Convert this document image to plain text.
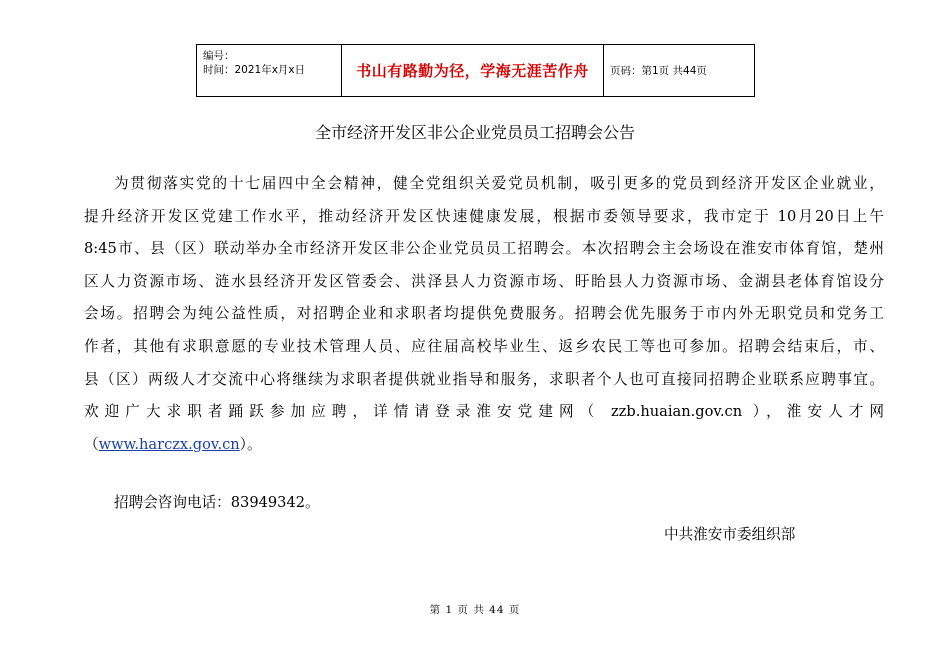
编号：
时间：2021年x月x日	书山有路勤为径，学海无涯苦作舟	页码：第1页 共44页
全市经济开发区非公企业党员员工招聘会公告
为贯彻落实党的十七届四中全会精神，健全党组织关爱党员机制，吸引更多的党员到经济开发区企业就业，
提升经济开发区党建工作水平，推动经济开发区快速健康发展，根据市委领导要求，我市定于 10月20日上午
8:45市、县（区）联动举办全市经济开发区非公企业党员员工招聘会。本次招聘会主会场设在淮安市体育馆，楚州
区人力资源市场、涟水县经济开发区管委会、洪泽县人力资源市场、盱眙县人力资源市场、金湖县老体育馆设分
会场。招聘会为纯公益性质，对招聘企业和求职者均提供免费服务。招聘会优先服务于市内外无职党员和党务工
作者，其他有求职意愿的专业技术管理人员、应往届高校毕业生、返乡农民工等也可参加。招聘会结束后，市、
县（区）两级人才交流中心将继续为求职者提供就业指导和服务，求职者个人也可直接同招聘企业联系应聘事宜。
欢迎广大求职者踊跃参加应聘，详情请登录淮安党建网（ zzb.huaian.gov.cn ），淮安人才网
（www.harczx.gov.cn）。
招聘会咨询电话：83949342。
中共淮安市委组织部
第 1 页 共 44 页
